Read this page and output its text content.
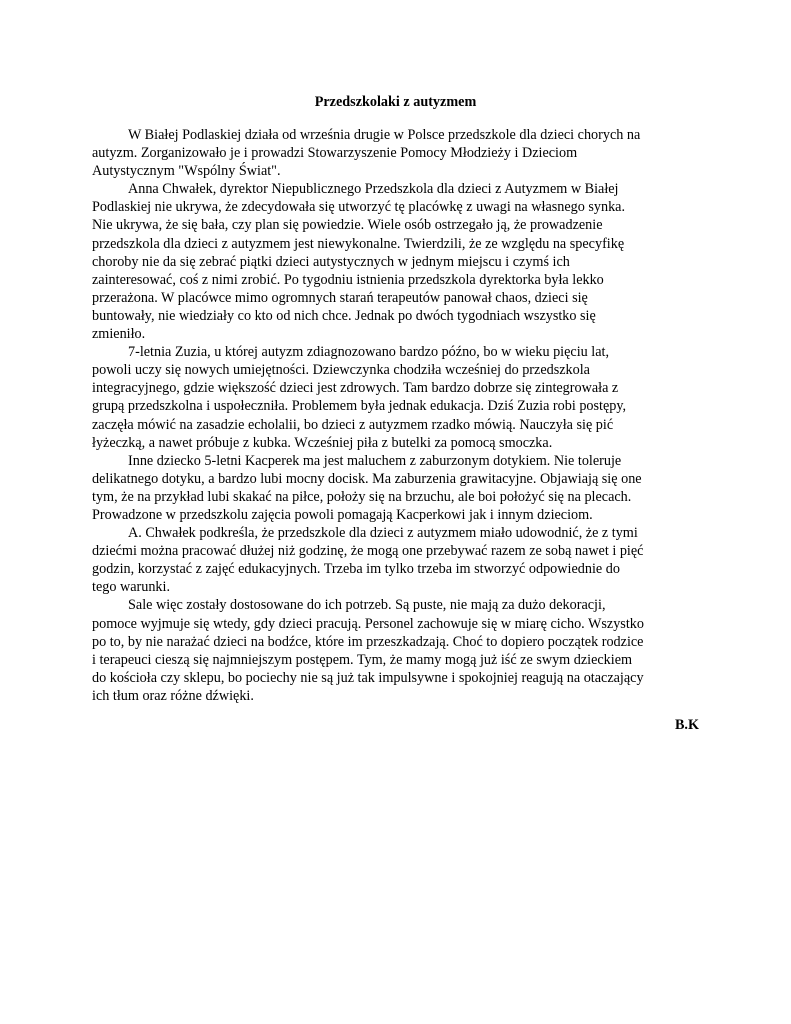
Przedszkolaki z autyzmem
W Białej Podlaskiej działa od września drugie w Polsce przedszkole dla dzieci chorych na
autyzm. Zorganizowało je i prowadzi Stowarzyszenie Pomocy Młodzieży i Dzieciom
Autystycznym "Wspólny Świat".
Anna Chwałek, dyrektor Niepublicznego Przedszkola dla dzieci z Autyzmem w Białej
Podlaskiej nie ukrywa, że zdecydowała się utworzyć tę placówkę z uwagi na własnego synka.
Nie ukrywa, że się bała, czy plan się powiedzie. Wiele osób ostrzegało ją, że prowadzenie
przedszkola dla dzieci z autyzmem jest niewykonalne. Twierdzili, że ze względu na specyfikę
choroby nie da się zebrać piątki dzieci autystycznych w jednym miejscu i czymś ich
zainteresować, coś z nimi zrobić. Po tygodniu istnienia przedszkola dyrektorka była lekko
przerażona. W placówce mimo ogromnych starań terapeutów panował chaos, dzieci się
buntowały, nie wiedziały co kto od nich chce. Jednak po dwóch tygodniach wszystko się
zmieniło.
7-letnia Zuzia, u której autyzm zdiagnozowano bardzo późno, bo w wieku pięciu lat,
powoli uczy się nowych umiejętności. Dziewczynka chodziła wcześniej do przedszkola
integracyjnego, gdzie większość dzieci jest zdrowych. Tam bardzo dobrze się zintegrowała z
grupą przedszkolna i uspołeczniła. Problemem była jednak edukacja. Dziś Zuzia robi postępy,
zaczęła mówić na zasadzie echolalii, bo dzieci z autyzmem rzadko mówią. Nauczyła się pić
łyżeczką, a nawet próbuje z kubka. Wcześniej piła z butelki za pomocą smoczka.
Inne dziecko 5-letni Kacperek ma jest maluchem z zaburzonym dotykiem. Nie toleruje
delikatnego dotyku, a bardzo lubi mocny docisk. Ma zaburzenia grawitacyjne. Objawiają się one
tym, że na przykład lubi skakać na piłce, położy się na brzuchu, ale boi położyć się na plecach.
Prowadzone w przedszkolu zajęcia powoli pomagają Kacperkowi jak i innym dzieciom.
A. Chwałek podkreśla, że przedszkole dla dzieci z autyzmem miało udowodnić, że z tymi
dziećmi można pracować dłużej niż godzinę, że mogą one przebywać razem ze sobą nawet i pięć
godzin, korzystać z zajęć edukacyjnych. Trzeba im tylko trzeba im stworzyć odpowiednie do
tego warunki.
Sale więc zostały dostosowane do ich potrzeb. Są puste, nie mają za dużo dekoracji,
pomoce wyjmuje się wtedy, gdy dzieci pracują. Personel zachowuje się w miarę cicho. Wszystko
po to, by nie narażać dzieci na bodźce, które im przeszkadzają. Choć to dopiero początek rodzice
i terapeuci cieszą się najmniejszym postępem. Tym, że mamy mogą już iść ze swym dzieckiem
do kościoła czy sklepu, bo pociechy nie są już tak impulsywne i spokojniej reagują na otaczający
ich tłum oraz różne dźwięki.
B.K
